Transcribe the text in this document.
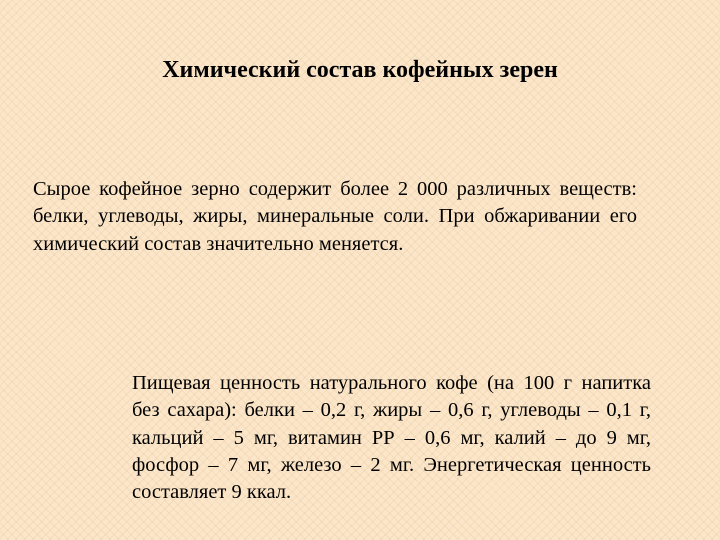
Химический состав кофейных зерен

Сырое кофейное зерно содержит более 2 000 различных веществ: белки, углеводы, жиры, минеральные соли. При обжаривании его химический состав значительно меняется.

Пищевая ценность натурального кофе (на 100 г напитка без сахара): белки – 0,2 г, жиры – 0,6 г, углеводы – 0,1 г, кальций – 5 мг, витамин РР – 0,6 мг, калий – до 9 мг, фосфор – 7 мг, железо – 2 мг. Энергетическая ценность составляет 9 ккал.
